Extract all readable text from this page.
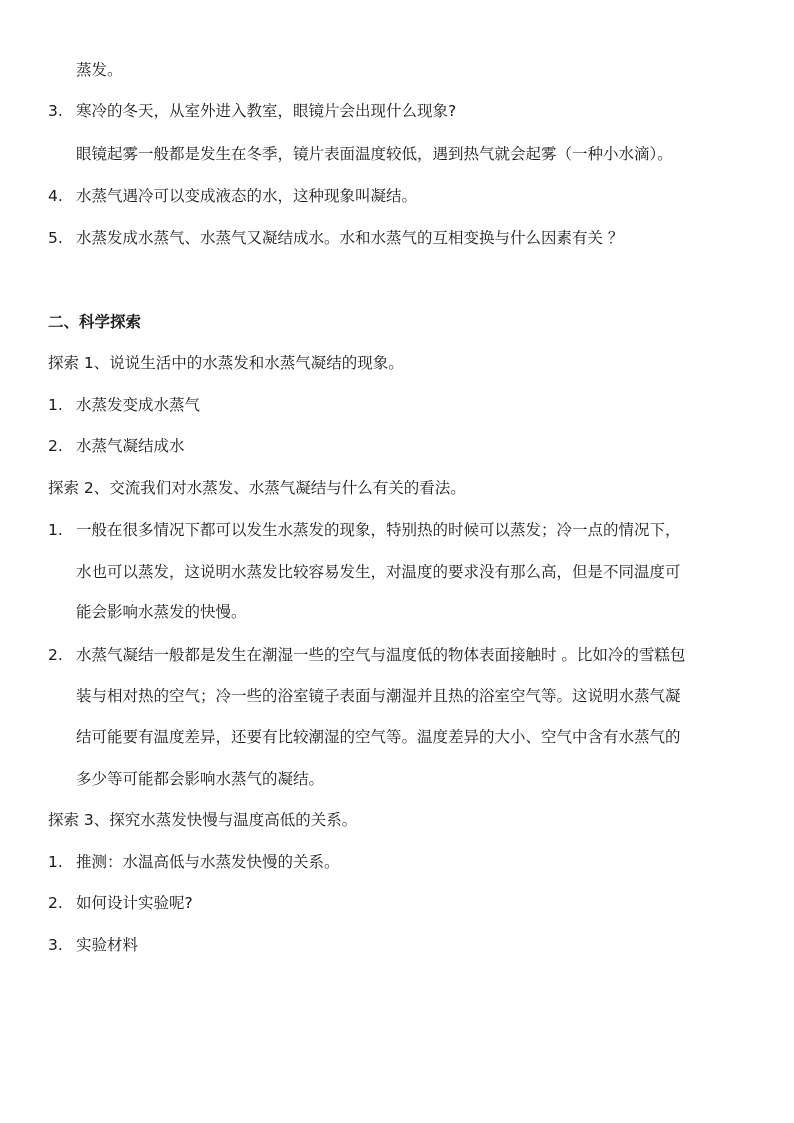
蒸发。
3. 寒冷的冬天，从室外进入教室，眼镜片会出现什么现象?
眼镜起雾一般都是发生在冬季，镜片表面温度较低，遇到热气就会起雾（一种小水滴）。
4. 水蒸气遇冷可以变成液态的水，这种现象叫凝结。
5. 水蒸发成水蒸气、水蒸气又凝结成水。水和水蒸气的互相变换与什么因素有关 ？
二、科学探索
探索 1、说说生活中的水蒸发和水蒸气凝结的现象。
1. 水蒸发变成水蒸气
2. 水蒸气凝结成水
探索 2、交流我们对水蒸发、水蒸气凝结与什么有关的看法。
1. 一般在很多情况下都可以发生水蒸发的现象，特别热的时候可以蒸发；冷一点的情况下，
水也可以蒸发，这说明水蒸发比较容易发生，对温度的要求没有那么高，但是不同温度可
能会影响水蒸发的快慢。
2. 水蒸气凝结一般都是发生在潮湿一些的空气与温度低的物体表面接触时 。比如冷的雪糕包
装与相对热的空气；冷一些的浴室镜子表面与潮湿并且热的浴室空气等。这说明水蒸气凝
结可能要有温度差异，还要有比较潮湿的空气等。温度差异的大小、空气中含有水蒸气的
多少等可能都会影响水蒸气的凝结。
探索 3、探究水蒸发快慢与温度高低的关系。
1. 推测：水温高低与水蒸发快慢的关系。
2. 如何设计实验呢?
3. 实验材料
